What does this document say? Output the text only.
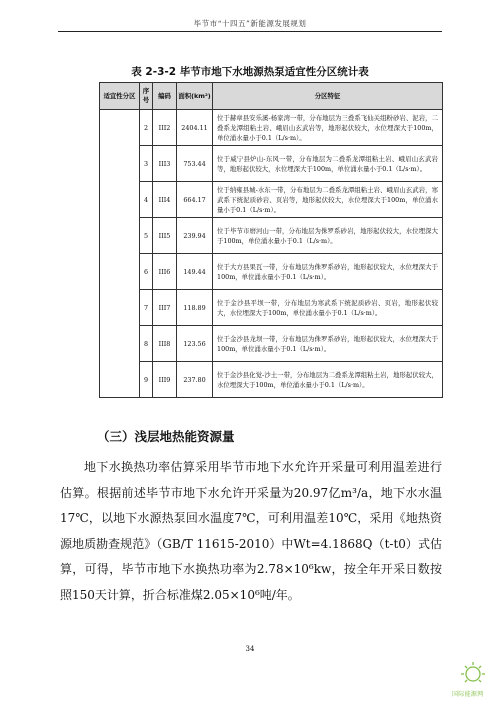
毕节市“十四五”新能源发展规划
表 2-3-2 毕节市地下水地源热泵适宜性分区统计表
适宜性分区	序号	编码	面积(km²)	分区特征
	2	III2	2404.11	位于赫章县安乐溪-杨家湾一带，分布地层为三叠系飞仙关组粉砂岩、泥岩，二叠系龙潭组粘土岩、峨眉山玄武岩等，地形起伏较大，水位埋深大于100m，单位涌水量小于0.1（L/s·m）。
	3	III3	753.44	位于威宁县炉山-东风一带，分布地层为二叠系龙潭组粘土岩、峨眉山玄武岩等，地形起伏较大，水位埋深大于100m，单位涌水量小于0.1（L/s·m）。
	4	III4	664.17	位于纳雍县城-水东一带，分布地层为二叠系龙潭组粘土岩、峨眉山玄武岩，寒武系下统泥质砂岩、页岩等，地形起伏较大，水位埋深大于100m，单位涌水量小于0.1（L/s·m）。
	5	III5	239.94	位于毕节市磨河山一带，分布地层为侏罗系砂岩，地形起伏较大，水位埋深大于100m，单位涌水量小于0.1（L/s·m）。
	6	III6	149.44	位于大方县果瓦一带，分布地层为侏罗系砂岩，地形起伏较大，水位埋深大于100m，单位涌水量小于0.1（L/s·m）。
	7	III7	118.89	位于金沙县平坝一带，分布地层为寒武系下统泥质砂岩、页岩，地形起伏较大，水位埋深大于100m，单位涌水量小于0.1（L/s·m）。
	8	III8	123.56	位于金沙县龙坝一带，分布地层为侏罗系砂岩，地形起伏较大，水位埋深大于100m，单位涌水量小于0.1（L/s·m）。
	9	III9	237.80	位于金沙县化觉-沙土一带，分布地层为二叠系龙潭组粘土岩，地形起伏较大，水位埋深大于100m，单位涌水量小于0.1（L/s·m）。
（三）浅层地热能资源量

地下水换热功率估算采用毕节市地下水允许开采量可利用温差进行估算。根据前述毕节市地下水允许开采量为20.97亿m³/a，地下水水温17℃，以地下水源热泵回水温度7℃，可利用温差10℃，采用《地热资源地质勘查规范》（GB/T 11615-2010）中Wt=4.1868Q（t-t0）式估算，可得，毕节市地下水换热功率为2.78×10⁶kw，按全年开采日数按照150天计算，折合标准煤2.05×10⁶吨/年。

34
国际能源网
